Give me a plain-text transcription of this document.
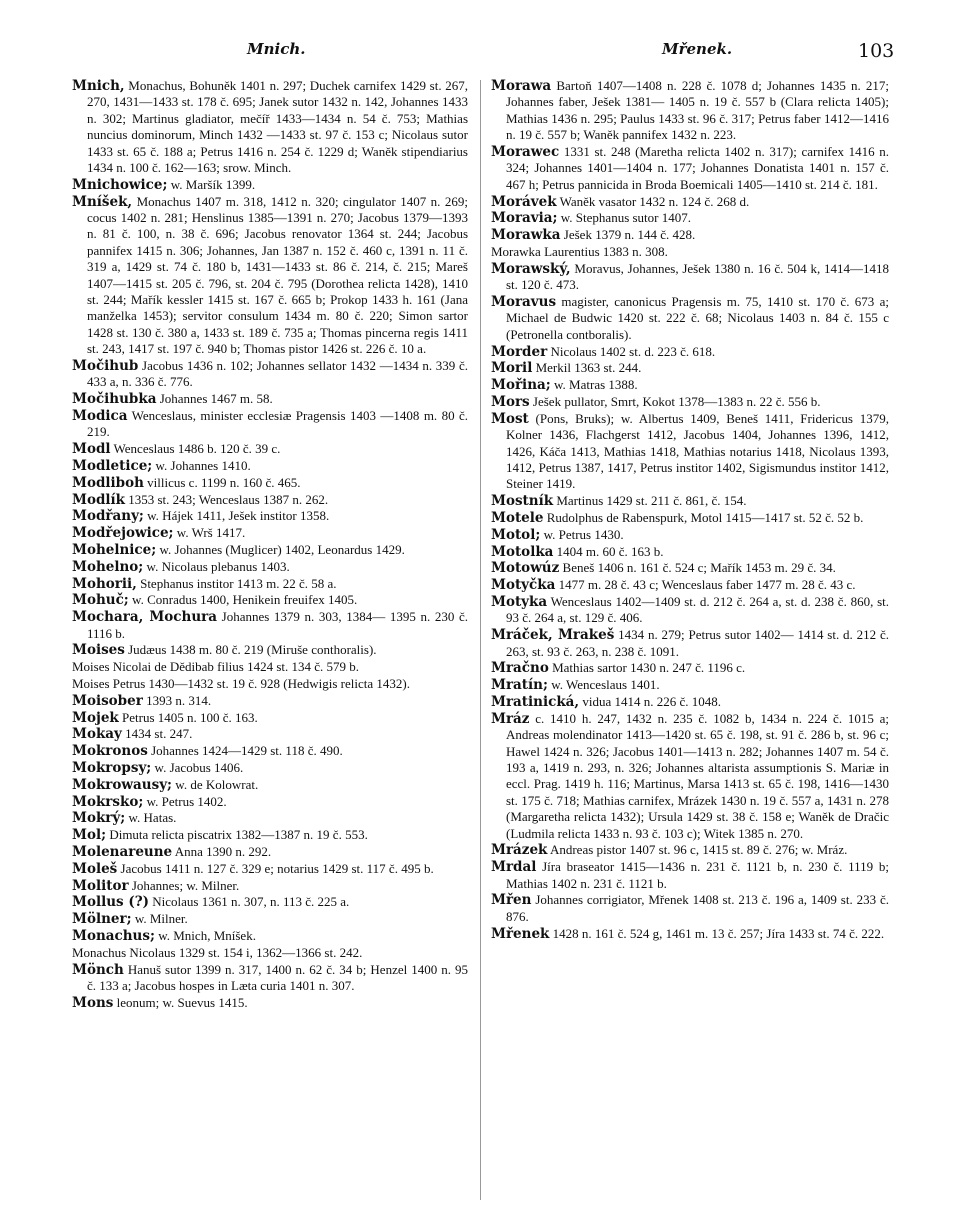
Mnich.	Mřenek.	103
Mnich, Monachus, Bohuněk 1401 n. 297; Duchek carnifex 1429 st. 267, 270, 1431—1433 st. 178 č. 695; Janek sutor 1432 n. 142, Johannes 1433 n. 302; Martinus gladiator, mečíř 1433—1434 n. 54 č. 753; Mathias nuncius dominorum, Minch 1432 —1433 st. 97 č. 153 c; Nicolaus sutor 1433 st. 65 č. 188 a; Petrus 1416 n. 254 č. 1229 d; Waněk stipendiarius 1434 n. 100 č. 162—163; srow. Minch.
Mnichowice; w. Maršík 1399.
Mníšek, Monachus 1407 m. 318, 1412 n. 320; cingulator 1407 n. 269; cocus 1402 n. 281; Henslinus 1385—1391 n. 270; Jacobus 1379—1393 n. 81 č. 100, n. 38 č. 696; Jacobus renovator 1364 st. 244; Jacobus pannifex 1415 n. 306; Johannes, Jan 1387 n. 152 č. 460 c, 1391 n. 11 č. 319 a, 1429 st. 74 č. 180 b, 1431—1433 st. 86 č. 214, č. 215; Mareš 1407—1415 st. 205 č. 796, st. 204 č. 795 (Dorothea relicta 1428), 1410 st. 244; Mařík kessler 1415 st. 167 č. 665 b; Prokop 1433 h. 161 (Jana manželka 1453); servitor consulum 1434 m. 80 č. 220; Simon sartor 1428 st. 130 č. 380 a, 1433 st. 189 č. 735 a; Thomas pincerna regis 1411 st. 243, 1417 st. 197 č. 940 b; Thomas pistor 1426 st. 226 č. 10 a.
Močihub Jacobus 1436 n. 102; Johannes sellator 1432 —1434 n. 339 č. 433 a, n. 336 č. 776.
Močihubka Johannes 1467 m. 58.
Modica Wenceslaus, minister ecclesiæ Pragensis 1403 —1408 m. 80 č. 219.
Modl Wenceslaus 1486 b. 120 č. 39 c.
Modletice; w. Johannes 1410.
Modliboh villicus c. 1199 n. 160 č. 465.
Modlík 1353 st. 243; Wenceslaus 1387 n. 262.
Modřany; w. Hájek 1411, Ješek institor 1358.
Modřejowice; w. Wrš 1417.
Mohelnice; w. Johannes (Muglicer) 1402, Leonardus 1429.
Mohelno; w. Nicolaus plebanus 1403.
Mohorii, Stephanus institor 1413 m. 22 č. 58 a.
Mohuč; w. Conradus 1400, Henikein freuifex 1405.
Mochara, Mochura Johannes 1379 n. 303, 1384— 1395 n. 230 č. 1116 b.
Moises Judæus 1438 m. 80 č. 219 (Miruše conthoralis).
Moises Nicolai de Dědibab filius 1424 st. 134 č. 579 b.
Moises Petrus 1430—1432 st. 19 č. 928 (Hedwigis relicta 1432).
Moisober 1393 n. 314.
Mojek Petrus 1405 n. 100 č. 163.
Mokay 1434 st. 247.
Mokronos Johannes 1424—1429 st. 118 č. 490.
Mokropsy; w. Jacobus 1406.
Mokrowausy; w. de Kolowrat.
Mokrsko; w. Petrus 1402.
Mokrý; w. Hatas.
Mol; Dimuta relicta piscatrix 1382—1387 n. 19 č. 553.
Molenareune Anna 1390 n. 292.
Moleš Jacobus 1411 n. 127 č. 329 e; notarius 1429 st. 117 č. 495 b.
Molitor Johannes; w. Milner.
Mollus (?) Nicolaus 1361 n. 307, n. 113 č. 225 a.
Mölner; w. Milner.
Monachus; w. Mnich, Mníšek.
Monachus Nicolaus 1329 st. 154 i, 1362—1366 st. 242.
Mönch Hanuš sutor 1399 n. 317, 1400 n. 62 č. 34 b; Henzel 1400 n. 95 č. 133 a; Jacobus hospes in Læta curia 1401 n. 307.
Mons leonum; w. Suevus 1415.
Morawa Bartoň 1407—1408 n. 228 č. 1078 d; Johannes 1435 n. 217; Johannes faber, Ješek 1381— 1405 n. 19 č. 557 b (Clara relicta 1405); Mathias 1436 n. 295; Paulus 1433 st. 96 č. 317; Petrus faber 1412—1416 n. 19 č. 557 b; Waněk pannifex 1432 n. 223.
Morawec 1331 st. 248 (Maretha relicta 1402 n. 317); carnifex 1416 n. 324; Johannes 1401—1404 n. 177; Johannes Donatista 1401 n. 157 č. 467 h; Petrus pannicida in Broda Boemicali 1405—1410 st. 214 č. 181.
Morávek Waněk vasator 1432 n. 124 č. 268 d.
Moravia; w. Stephanus sutor 1407.
Morawka Ješek 1379 n. 144 č. 428.
Morawka Laurentius 1383 n. 308.
Morawský, Moravus, Johannes, Ješek 1380 n. 16 č. 504 k, 1414—1418 st. 120 č. 473.
Moravus magister, canonicus Pragensis m. 75, 1410 st. 170 č. 673 a; Michael de Budwic 1420 st. 222 č. 68; Nicolaus 1403 n. 84 č. 155 c (Petronella contboralis).
Morder Nicolaus 1402 st. d. 223 č. 618.
Moril Merkil 1363 st. 244.
Mořina; w. Matras 1388.
Mors Ješek pullator, Smrt, Kokot 1378—1383 n. 22 č. 556 b.
Most (Pons, Bruks); w. Albertus 1409, Beneš 1411, Fridericus 1379, Kolner 1436, Flachgerst 1412, Jacobus 1404, Johannes 1396, 1412, 1426, Káča 1413, Mathias 1418, Mathias notarius 1418, Nicolaus 1393, 1412, Petrus 1387, 1417, Petrus institor 1402, Sigismundus institor 1412, Steiner 1419.
Mostník Martinus 1429 st. 211 č. 861, č. 154.
Motele Rudolphus de Rabenspurk, Motol 1415—1417 st. 52 č. 52 b.
Motol; w. Petrus 1430.
Motolka 1404 m. 60 č. 163 b.
Motowúz Beneš 1406 n. 161 č. 524 c; Mařík 1453 m. 29 č. 34.
Motyčka 1477 m. 28 č. 43 c; Wenceslaus faber 1477 m. 28 č. 43 c.
Motyka Wenceslaus 1402—1409 st. d. 212 č. 264 a, st. d. 238 č. 860, st. 93 č. 264 a, st. 129 č. 406.
Mráček, Mrakeš 1434 n. 279; Petrus sutor 1402— 1414 st. d. 212 č. 263, st. 93 č. 263, n. 238 č. 1091.
Mračno Mathias sartor 1430 n. 247 č. 1196 c.
Mratín; w. Wenceslaus 1401.
Mratinická, vidua 1414 n. 226 č. 1048.
Mráz c. 1410 h. 247, 1432 n. 235 č. 1082 b, 1434 n. 224 č. 1015 a; Andreas molendinator 1413—1420 st. 65 č. 198, st. 91 č. 286 b, st. 96 c; Hawel 1424 n. 326; Jacobus 1401—1413 n. 282; Johannes 1407 m. 54 č. 193 a, 1419 n. 293, n. 326; Johannes altarista assumptionis S. Mariæ in eccl. Prag. 1419 h. 116; Martinus, Marsa 1413 st. 65 č. 198, 1416—1430 st. 175 č. 718; Mathias carnifex, Mrázek 1430 n. 19 č. 557 a, 1431 n. 278 (Margaretha relicta 1432); Ursula 1429 st. 38 č. 158 e; Waněk de Dračic (Ludmila relicta 1433 n. 93 č. 103 c); Witek 1385 n. 270.
Mrázek Andreas pistor 1407 st. 96 c, 1415 st. 89 č. 276; w. Mráz.
Mrdal Jíra braseator 1415—1436 n. 231 č. 1121 b, n. 230 č. 1119 b; Mathias 1402 n. 231 č. 1121 b.
Mřen Johannes corrigiator, Mřenek 1408 st. 213 č. 196 a, 1409 st. 233 č. 876.
Mřenek 1428 n. 161 č. 524 g, 1461 m. 13 č. 257; Jíra 1433 st. 74 č. 222.
